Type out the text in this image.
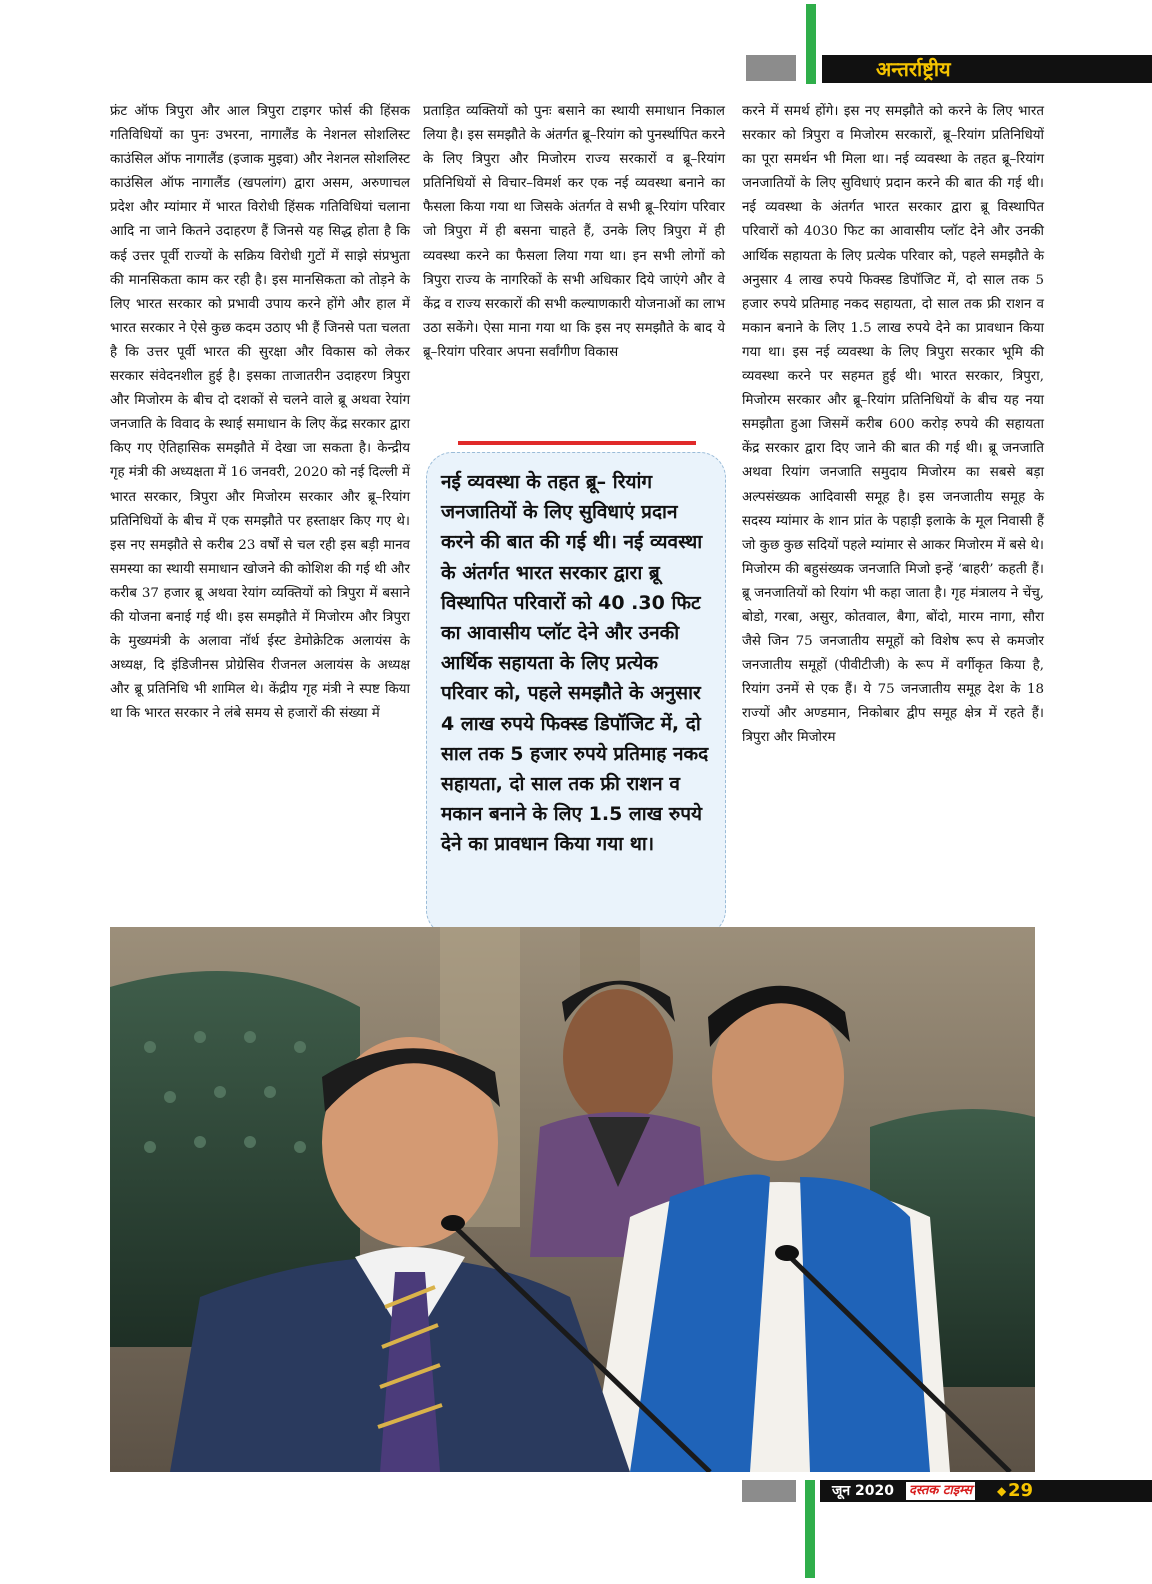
अन्तर्राष्ट्रीय
फ्रंट ऑफ त्रिपुरा और आल त्रिपुरा टाइगर फोर्स की हिंसक गतिविधियों का पुनः उभरना, नागालैंड के नेशनल सोशलिस्ट काउंसिल ऑफ नागालैंड (इजाक मुइवा) और नेशनल सोशलिस्ट काउंसिल ऑफ नागालैंड (खपलांग) द्वारा असम, अरुणाचल प्रदेश और म्यांमार में भारत विरोधी हिंसक गतिविधियां चलाना आदि ना जाने कितने उदाहरण हैं जिनसे यह सिद्ध होता है कि कई उत्तर पूर्वी राज्यों के सक्रिय विरोधी गुटों में साझे संप्रभुता की मानसिकता काम कर रही है। इस मानसिकता को तोड़ने के लिए भारत सरकार को प्रभावी उपाय करने होंगे और हाल में भारत सरकार ने ऐसे कुछ कदम उठाए भी हैं जिनसे पता चलता है कि उत्तर पूर्वी भारत की सुरक्षा और विकास को लेकर सरकार संवेदनशील हुई है। इसका ताजातरीन उदाहरण त्रिपुरा और मिजोरम के बीच दो दशकों से चलने वाले ब्रू अथवा रेयांग जनजाति के विवाद के स्थाई समाधान के लिए केंद्र सरकार द्वारा किए गए ऐतिहासिक समझौते में देखा जा सकता है। केन्द्रीय गृह मंत्री की अध्यक्षता में 16 जनवरी, 2020 को नई दिल्ली में भारत सरकार, त्रिपुरा और मिजोरम सरकार और ब्रू–रियांग प्रतिनिधियों के बीच में एक समझौते पर हस्ताक्षर किए गए थे। इस नए समझौते से करीब 23 वर्षों से चल रही इस बड़ी मानव समस्या का स्थायी समाधान खोजने की कोशिश की गई थी और करीब 37 हजार ब्रू अथवा रेयांग व्यक्तियों को त्रिपुरा में बसाने की योजना बनाई गई थी। इस समझौते में मिजोरम और त्रिपुरा के मुख्यमंत्री के अलावा नॉर्थ ईस्ट डेमोक्रेटिक अलायंस के अध्यक्ष, दि इंडिजीनस प्रोग्रेसिव रीजनल अलायंस के अध्यक्ष और ब्रू प्रतिनिधि भी शामिल थे। केंद्रीय गृह मंत्री ने स्पष्ट किया था कि भारत सरकार ने लंबे समय से हजारों की संख्या में
प्रताड़ित व्यक्तियों को पुनः बसाने का स्थायी समाधान निकाल लिया है। इस समझौते के अंतर्गत ब्रू–रियांग को पुनर्स्थापित करने के लिए त्रिपुरा और मिजोरम राज्य सरकारों व ब्रू–रियांग प्रतिनिधियों से विचार–विमर्श कर एक नई व्यवस्था बनाने का फैसला किया गया था जिसके अंतर्गत वे सभी ब्रू–रियांग परिवार जो त्रिपुरा में ही बसना चाहते हैं, उनके लिए त्रिपुरा में ही व्यवस्था करने का फैसला लिया गया था। इन सभी लोगों को त्रिपुरा राज्य के नागरिकों के सभी अधिकार दिये जाएंगे और वे केंद्र व राज्य सरकारों की सभी कल्याणकारी योजनाओं का लाभ उठा सकेंगे। ऐसा माना गया था कि इस नए समझौते के बाद ये ब्रू–रियांग परिवार अपना सर्वांगीण विकास
करने में समर्थ होंगे। इस नए समझौते को करने के लिए भारत सरकार को त्रिपुरा व मिजोरम सरकारों, ब्रू–रियांग प्रतिनिधियों का पूरा समर्थन भी मिला था। नई व्यवस्था के तहत ब्रू–रियांग जनजातियों के लिए सुविधाएं प्रदान करने की बात की गई थी। नई व्यवस्था के अंतर्गत भारत सरकार द्वारा ब्रू विस्थापित परिवारों को 4030 फिट का आवासीय प्लॉट देने और उनकी आर्थिक सहायता के लिए प्रत्येक परिवार को, पहले समझौते के अनुसार 4 लाख रुपये फिक्स्ड डिपॉजिट में, दो साल तक 5 हजार रुपये प्रतिमाह नकद सहायता, दो साल तक फ्री राशन व मकान बनाने के लिए 1.5 लाख रुपये देने का प्रावधान किया गया था। इस नई व्यवस्था के लिए त्रिपुरा सरकार भूमि की व्यवस्था करने पर सहमत हुई थी। भारत सरकार, त्रिपुरा, मिजोरम सरकार और ब्रू–रियांग प्रतिनिधियों के बीच यह नया समझौता हुआ जिसमें करीब 600 करोड़ रुपये की सहायता केंद्र सरकार द्वारा दिए जाने की बात की गई थी। ब्रू जनजाति अथवा रियांग जनजाति समुदाय मिजोरम का सबसे बड़ा अल्पसंख्यक आदिवासी समूह है। इस जनजातीय समूह के सदस्य म्यांमार के शान प्रांत के पहाड़ी इलाके के मूल निवासी हैं जो कुछ कुछ सदियों पहले म्यांमार से आकर मिजोरम में बसे थे। मिजोरम की बहुसंख्यक जनजाति मिजो इन्हें ‘बाहरी’ कहती हैं। ब्रू जनजातियों को रियांग भी कहा जाता है। गृह मंत्रालय ने चेंचु, बोडो, गरबा, असुर, कोतवाल, बैगा, बोंदो, मारम नागा, सौरा जैसे जिन 75 जनजातीय समूहों को विशेष रूप से कमजोर जनजातीय समूहों (पीवीटीजी) के रूप में वर्गीकृत किया है, रियांग उनमें से एक हैं। ये 75 जनजातीय समूह देश के 18 राज्यों और अण्डमान, निकोबार द्वीप समूह क्षेत्र में रहते हैं। त्रिपुरा और मिजोरम
नई व्यवस्था के तहत ब्रू– रियांग जनजातियों के लिए सुविधाएं प्रदान करने की बात की गई थी। नई व्यवस्था के अंतर्गत भारत सरकार द्वारा ब्रू विस्थापित परिवारों को 40 .30 फिट का आवासीय प्लॉट देने और उनकी आर्थिक सहायता के लिए प्रत्येक परिवार को, पहले समझौते के अनुसार 4 लाख रुपये फिक्स्ड डिपॉजिट में, दो साल तक 5 हजार रुपये प्रतिमाह नकद सहायता, दो साल तक फ्री राशन व मकान बनाने के लिए 1.5 लाख रुपये देने का प्रावधान किया गया था।
जून 2020 दस्तक टाइम्स ◆ 29
